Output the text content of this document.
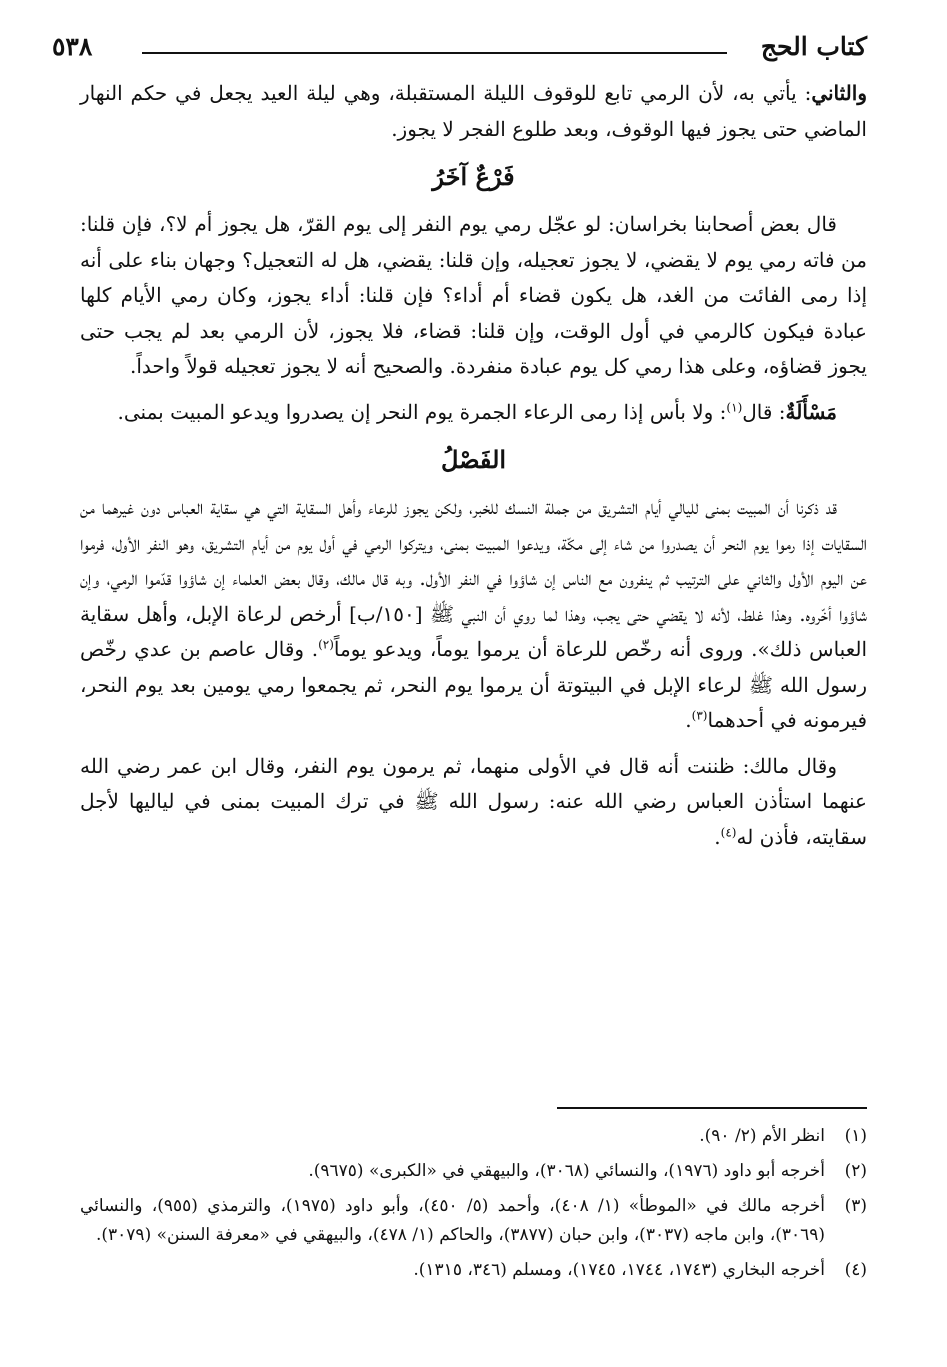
كتاب الحج
٥٣٨

والثاني: يأتي به، لأن الرمي تابع للوقوف الليلة المستقبلة، وهي ليلة العيد يجعل في حكم النهار الماضي حتى يجوز فيها الوقوف، وبعد طلوع الفجر لا يجوز.

فَرْعٌ آخَرُ

قال بعض أصحابنا بخراسان: لو عجّل رمي يوم النفر إلى يوم القرّ، هل يجوز أم لا؟، فإن قلنا: من فاته رمي يوم لا يقضي، لا يجوز تعجيله، وإن قلنا: يقضي، هل له التعجيل؟ وجهان بناء على أنه إذا رمى الفائت من الغد، هل يكون قضاء أم أداء؟ فإن قلنا: أداء يجوز، وكان رمي الأيام كلها عبادة فيكون كالرمي في أول الوقت، وإن قلنا: قضاء، فلا يجوز، لأن الرمي بعد لم يجب حتى يجوز قضاؤه، وعلى هذا رمي كل يوم عبادة منفردة. والصحيح أنه لا يجوز تعجيله قولاً واحداً.

مَسْأَلَةٌ: قال$^{(١)}$: ولا بأس إذا رمى الرعاء الجمرة يوم النحر إن يصدروا ويدعو المبيت بمنى.

الفَصْلُ

قد ذكرنا أن المبيت بمنى لليالي أيام التشريق من جملة النسك للخبر، ولكن يجوز للرعاء وأهل السقاية التي هي سقاية العباس دون غيرهما من السقايات إذا رموا يوم النحر أن يصدروا من شاء إلى مكّة، ويدعوا المبيت بمنى، ويتركوا الرمي في أول يوم من أيام التشريق، وهو النفر الأول، فرموا عن اليوم الأول والثاني على الترتيب ثم ينفرون مع الناس إن شاؤوا في النفر الأول. وبه قال مالك، وقال بعض العلماء إن شاؤوا قدّموا الرمي، وإن شاؤوا أخّروه. وهذا غلط، لأنه لا يقضي حتى يجب، وهذا لما روي أن النبي ﷺ [١٥٠/ب] أرخص لرعاة الإبل، وأهل سقاية العباس ذلك». وروى أنه رخّص للرعاة أن يرموا يوماً، ويدعو يوماً$^{(٢)}$. وقال عاصم بن عدي رخّص رسول الله ﷺ لرعاء الإبل في البيتوتة أن يرموا يوم النحر، ثم يجمعوا رمي يومين بعد يوم النحر، فيرمونه في أحدهما$^{(٣)}$.

وقال مالك: ظننت أنه قال في الأولى منهما، ثم يرمون يوم النفر، وقال ابن عمر رضي الله عنهما استأذن العباس رضي الله عنه: رسول الله ﷺ في ترك المبيت بمنى في لياليها لأجل سقايته، فأذن له$^{(٤)}$.

(١)
انظر الأم (٢/ ٩٠).
(٢)
أخرجه أبو داود (١٩٧٦)، والنسائي (٣٠٦٨)، والبيهقي في «الكبرى» (٩٦٧٥).
(٣)
أخرجه مالك في «الموطأ» (١/ ٤٠٨)، وأحمد (٥/ ٤٥٠)، وأبو داود (١٩٧٥)، والترمذي (٩٥٥)، والنسائي (٣٠٦٩)، وابن ماجه (٣٠٣٧)، وابن حبان (٣٨٧٧)، والحاكم (١/ ٤٧٨)، والبيهقي في «معرفة السنن» (٣٠٧٩).
(٤)
أخرجه البخاري (١٧٤٣، ١٧٤٤، ١٧٤٥)، ومسلم (٣٤٦، ١٣١٥).
